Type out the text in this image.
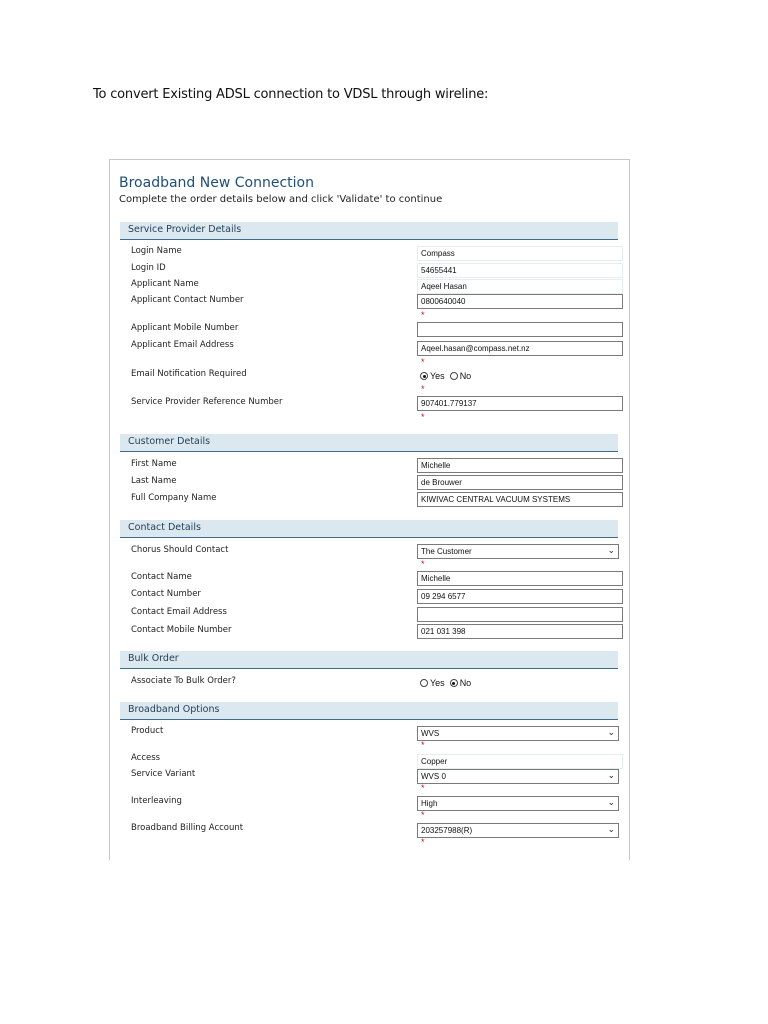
To convert Existing ADSL connection to VDSL through wireline:
Broadband New Connection
Complete the order details below and click 'Validate' to continue
Service Provider Details
Login Name	Compass
Login ID	54655441
Applicant Name	Aqeel Hasan
Applicant Contact Number	0800640040
*
Applicant Mobile Number
Applicant Email Address	Aqeel.hasan@compass.net.nz
*
Email Notification Required	Yes No
*
Service Provider Reference Number	907401.779137
*
Customer Details
First Name	Michelle
Last Name	de Brouwer
Full Company Name	KIWIVAC CENTRAL VACUUM SYSTEMS
Contact Details
Chorus Should Contact	The Customer	⌄
*
Contact Name	Michelle
Contact Number	09 294 6577
Contact Email Address
Contact Mobile Number	021 031 398
Bulk Order
Associate To Bulk Order?	Yes No
Broadband Options
Product	WVS	⌄
*
Access	Copper
Service Variant	WVS 0	⌄
*
Interleaving	High	⌄
*
Broadband Billing Account	203257988(R)	⌄
*
